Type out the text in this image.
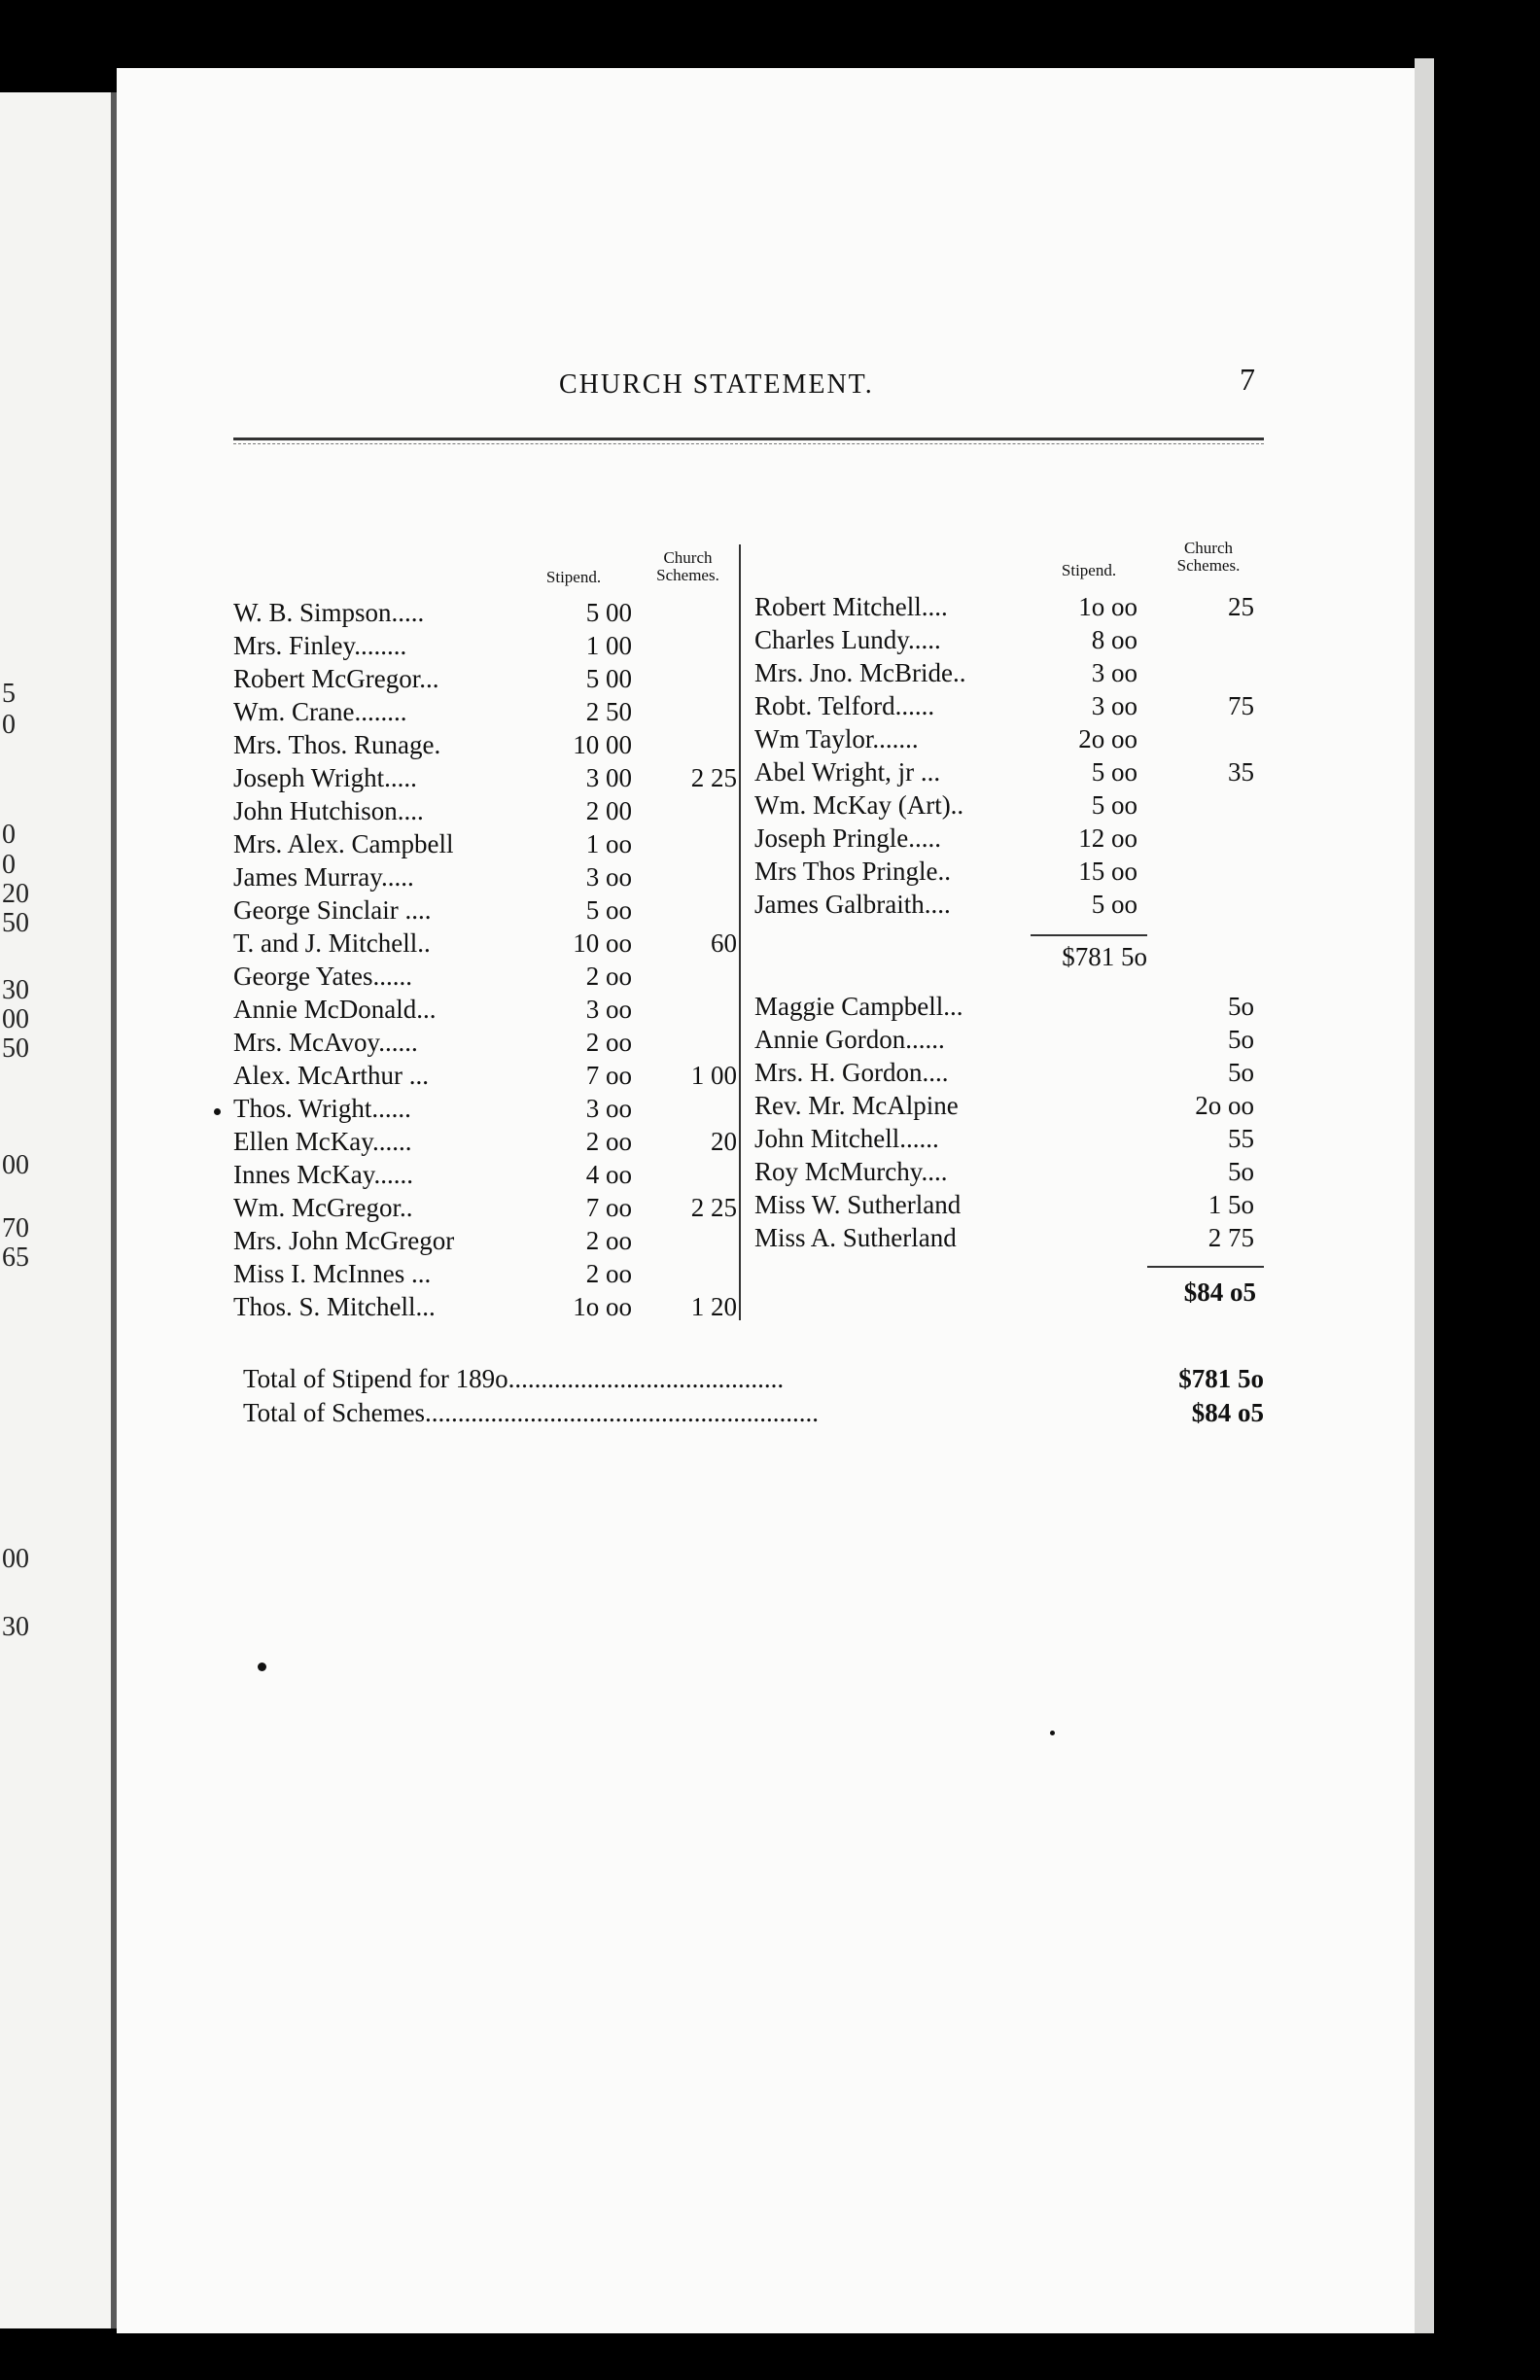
5
0
0
0
20
50
30
00
50
00
70
65
00
30
CHURCH STATEMENT.	7
Stipend.
Church Schemes.	Stipend.
Church Schemes.
W. B. Simpson.....	5 00
Mrs. Finley........	1 00
Robert McGregor...	5 00
Wm. Crane........	2 50
Mrs. Thos. Runage.	10 00
Joseph Wright.....	3 00	2 25
John Hutchison....	2 00
Mrs. Alex. Campbell	1 oo
James Murray.....	3 oo
George Sinclair ....	5 oo
T. and J. Mitchell..	10 oo	60
George Yates......	2 oo
Annie McDonald...	3 oo
Mrs. McAvoy......	2 oo
Alex. McArthur ...	7 oo	1 00
Thos. Wright......	3 oo
Ellen McKay......	2 oo	20
Innes McKay......	4 oo
Wm. McGregor..	7 oo	2 25
Mrs. John McGregor	2 oo
Miss I. McInnes ...	2 oo
Thos. S. Mitchell...	1o oo	1 20
Robert Mitchell....	1o oo	25
Charles Lundy.....	8 oo
Mrs. Jno. McBride..	3 oo
Robt. Telford......	3 oo	75
Wm Taylor.......	2o oo
Abel Wright, jr ...	5 oo	35
Wm. McKay (Art)..	5 oo
Joseph Pringle.....	12 oo
Mrs Thos Pringle..	15 oo
James Galbraith....	5 oo
$781 5o
Maggie Campbell...	5o
Annie Gordon......	5o
Mrs. H. Gordon....	5o
Rev. Mr. McAlpine	2o oo
John Mitchell......	55
Roy McMurchy....	5o
Miss W. Sutherland	1 5o
Miss A. Sutherland	2 75
$84 o5
Total of Stipend for 189o..........................................	$781 5o
Total of Schemes............................................................	$84 o5
